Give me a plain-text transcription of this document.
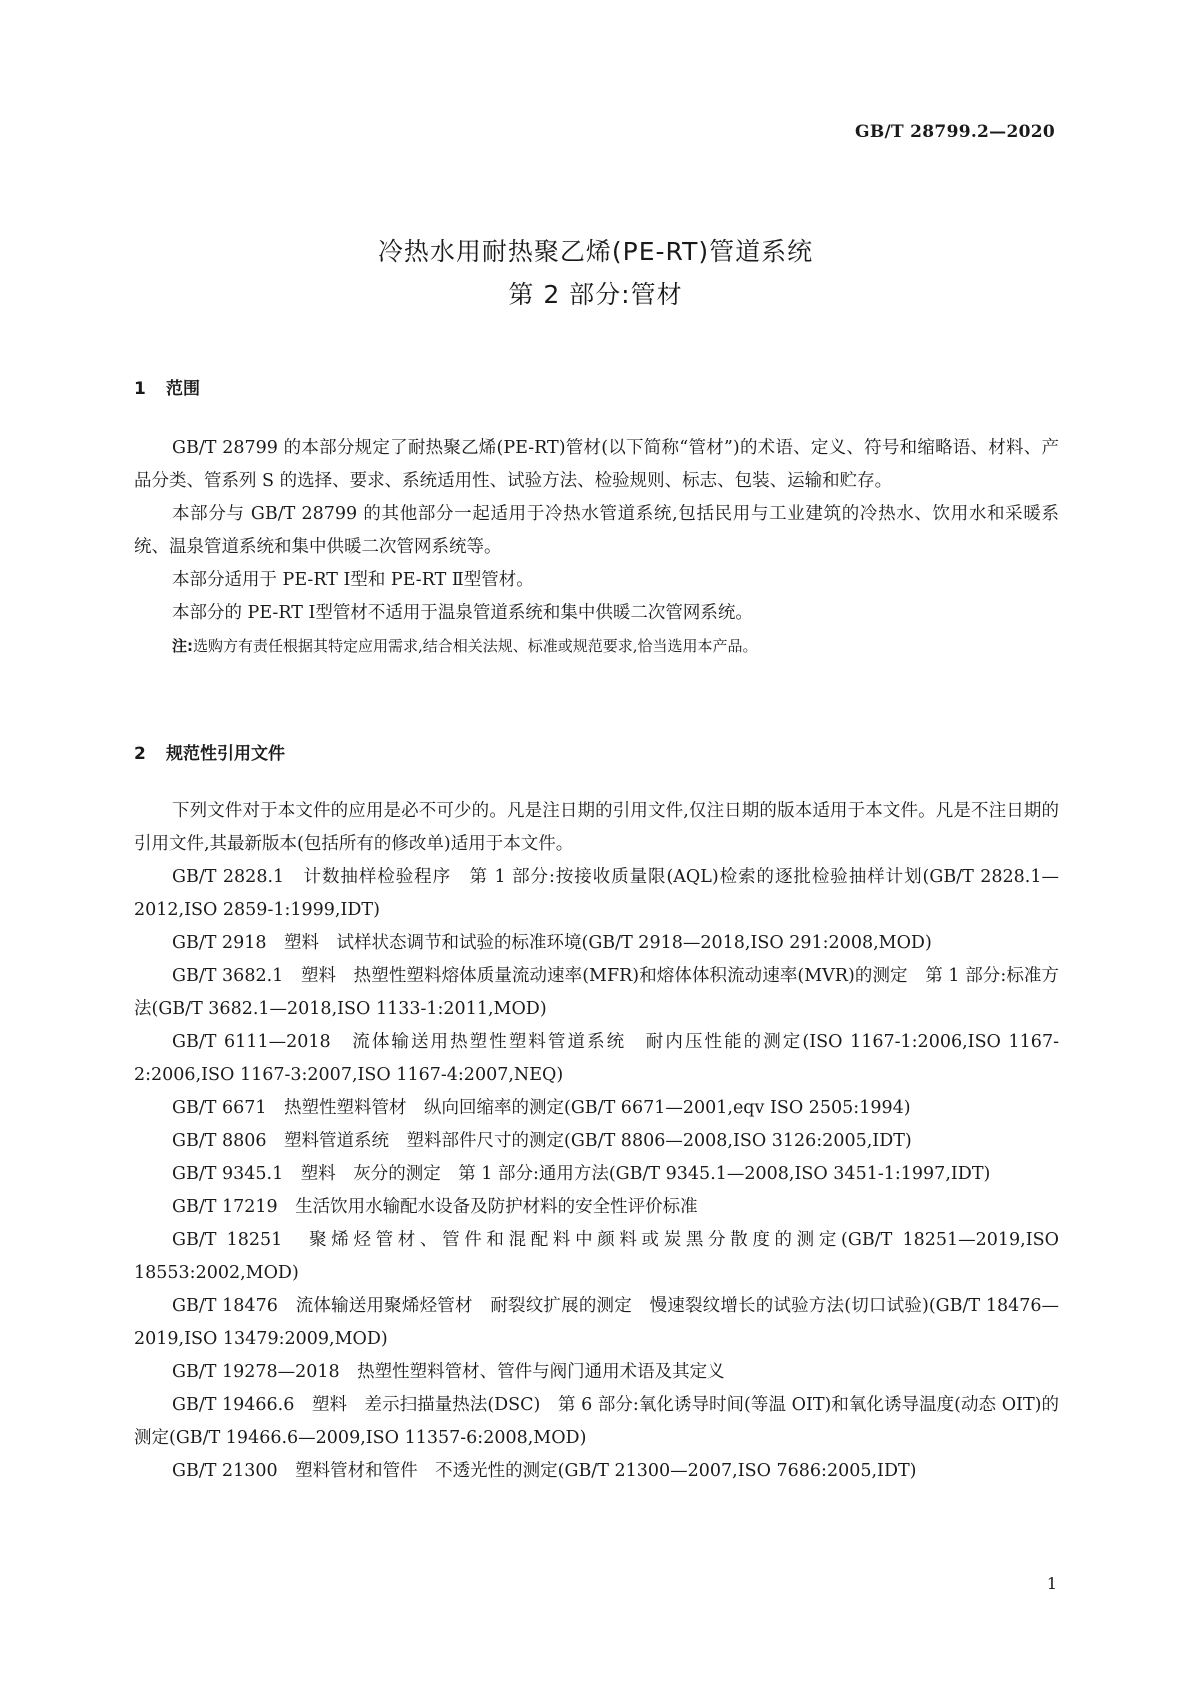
GB/T 28799.2—2020
冷热水用耐热聚乙烯(PE-RT)管道系统
第 2 部分:管材
1 范围

GB/T 28799 的本部分规定了耐热聚乙烯(PE-RT)管材(以下简称“管材”)的术语、定义、符号和缩略语、材料、产品分类、管系列 S 的选择、要求、系统适用性、试验方法、检验规则、标志、包装、运输和贮存。

本部分与 GB/T 28799 的其他部分一起适用于冷热水管道系统,包括民用与工业建筑的冷热水、饮用水和采暖系统、温泉管道系统和集中供暖二次管网系统等。

本部分适用于 PE-RT Ⅰ型和 PE-RT Ⅱ型管材。

本部分的 PE-RT Ⅰ型管材不适用于温泉管道系统和集中供暖二次管网系统。

注:选购方有责任根据其特定应用需求,结合相关法规、标准或规范要求,恰当选用本产品。

2 规范性引用文件

下列文件对于本文件的应用是必不可少的。凡是注日期的引用文件,仅注日期的版本适用于本文件。凡是不注日期的引用文件,其最新版本(包括所有的修改单)适用于本文件。

GB/T 2828.1　计数抽样检验程序　第 1 部分:按接收质量限(AQL)检索的逐批检验抽样计划(GB/T 2828.1—2012,ISO 2859-1:1999,IDT)

GB/T 2918　塑料　试样状态调节和试验的标准环境(GB/T 2918—2018,ISO 291:2008,MOD)

GB/T 3682.1　塑料　热塑性塑料熔体质量流动速率(MFR)和熔体体积流动速率(MVR)的测定　第 1 部分:标准方法(GB/T 3682.1—2018,ISO 1133-1:2011,MOD)

GB/T 6111—2018　流体输送用热塑性塑料管道系统　耐内压性能的测定(ISO 1167-1:2006,ISO 1167-2:2006,ISO 1167-3:2007,ISO 1167-4:2007,NEQ)

GB/T 6671　热塑性塑料管材　纵向回缩率的测定(GB/T 6671—2001,eqv ISO 2505:1994)

GB/T 8806　塑料管道系统　塑料部件尺寸的测定(GB/T 8806—2008,ISO 3126:2005,IDT)

GB/T 9345.1　塑料　灰分的测定　第 1 部分:通用方法(GB/T 9345.1—2008,ISO 3451-1:1997,IDT)

GB/T 17219　生活饮用水输配水设备及防护材料的安全性评价标准

GB/T 18251　聚烯烃管材、管件和混配料中颜料或炭黑分散度的测定(GB/T 18251—2019,ISO 18553:2002,MOD)

GB/T 18476　流体输送用聚烯烃管材　耐裂纹扩展的测定　慢速裂纹增长的试验方法(切口试验)(GB/T 18476—2019,ISO 13479:2009,MOD)

GB/T 19278—2018　热塑性塑料管材、管件与阀门通用术语及其定义

GB/T 19466.6　塑料　差示扫描量热法(DSC)　第 6 部分:氧化诱导时间(等温 OIT)和氧化诱导温度(动态 OIT)的测定(GB/T 19466.6—2009,ISO 11357-6:2008,MOD)

GB/T 21300　塑料管材和管件　不透光性的测定(GB/T 21300—2007,ISO 7686:2005,IDT)

1
